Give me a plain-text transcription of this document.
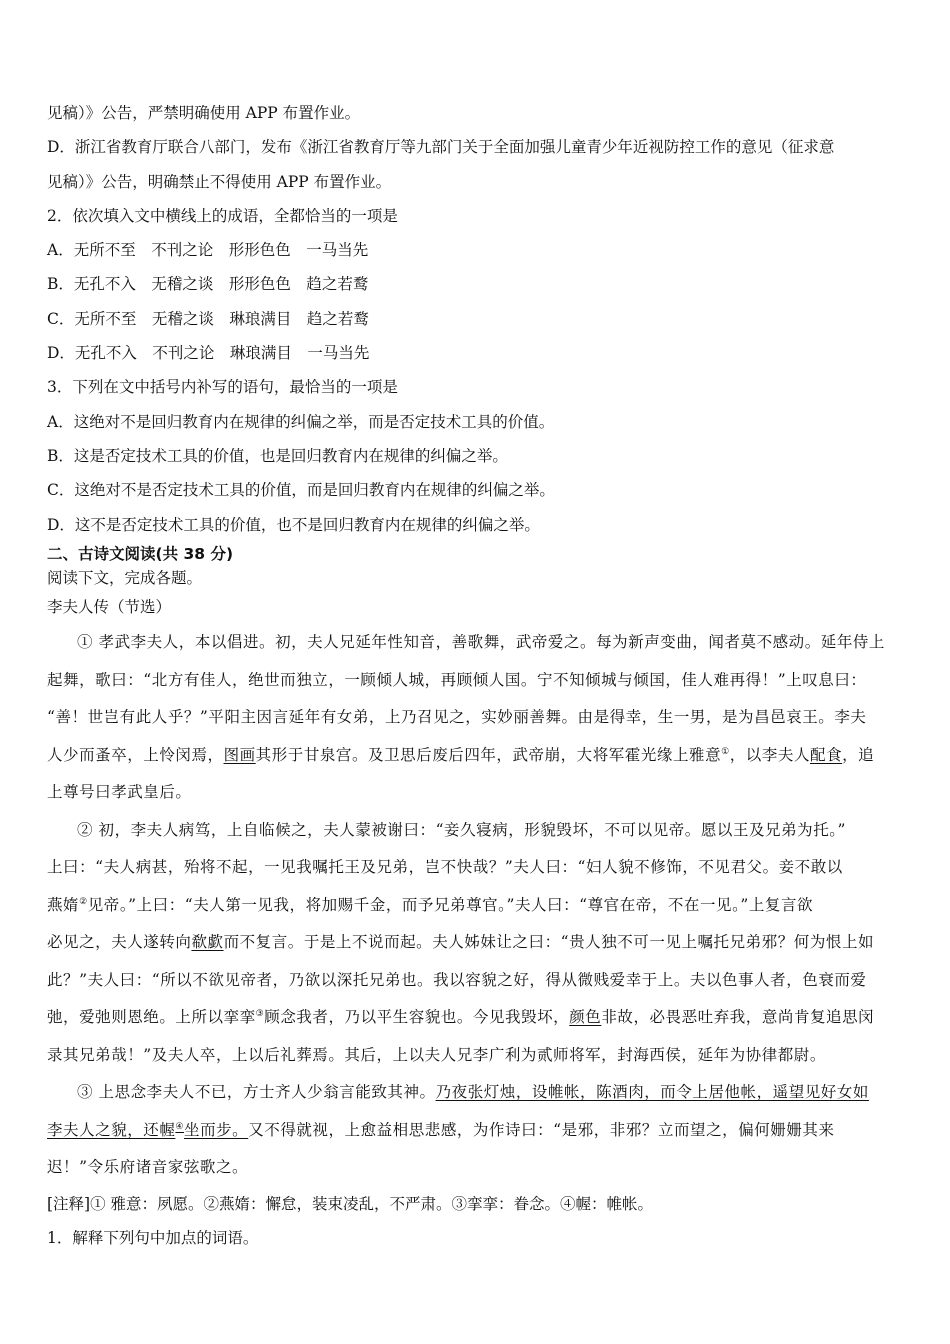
见稿）》公告，严禁明确使用 APP 布置作业。
D．浙江省教育厅联合八部门，发布《浙江省教育厅等九部门关于全面加强儿童青少年近视防控工作的意见（征求意
见稿）》公告，明确禁止不得使用 APP 布置作业。
2．依次填入文中横线上的成语，全都恰当的一项是
A．无所不至　不刊之论　形形色色　一马当先
B．无孔不入　无稽之谈　形形色色　趋之若鹜
C．无所不至　无稽之谈　琳琅满目　趋之若鹜
D．无孔不入　不刊之论　琳琅满目　一马当先
3．下列在文中括号内补写的语句，最恰当的一项是
A．这绝对不是回归教育内在规律的纠偏之举，而是否定技术工具的价值。
B．这是否定技术工具的价值，也是回归教育内在规律的纠偏之举。
C．这绝对不是否定技术工具的价值，而是回归教育内在规律的纠偏之举。
D．这不是否定技术工具的价值，也不是回归教育内在规律的纠偏之举。
二、古诗文阅读(共 38 分)
阅读下文，完成各题。
李夫人传（节选）
① 孝武李夫人，本以倡进。初，夫人兄延年性知音，善歌舞，武帝爱之。每为新声变曲，闻者莫不感动。延年侍上
起舞，歌曰：“北方有佳人，绝世而独立，一顾倾人城，再顾倾人国。宁不知倾城与倾国，佳人难再得！”上叹息曰：
“善！世岂有此人乎？”平阳主因言延年有女弟，上乃召见之，实妙丽善舞。由是得幸，生一男，是为昌邑哀王。李夫
人少而蚤卒，上怜闵焉，图画其形于甘泉宫。及卫思后废后四年，武帝崩，大将军霍光缘上雅意①，以李夫人配食，追
上尊号曰孝武皇后。
② 初，李夫人病笃，上自临候之，夫人蒙被谢曰：“妾久寝病，形貌毁坏，不可以见帝。愿以王及兄弟为托。”
上曰：“夫人病甚，殆将不起，一见我嘱托王及兄弟，岂不快哉？”夫人曰：“妇人貌不修饰，不见君父。妾不敢以
燕媠②见帝。”上曰：“夫人第一见我，将加赐千金，而予兄弟尊官。”夫人曰：“尊官在帝，不在一见。”上复言欲
必见之，夫人遂转向欷歔而不复言。于是上不说而起。夫人姊妹让之曰：“贵人独不可一见上嘱托兄弟邪？何为恨上如
此？”夫人曰：“所以不欲见帝者，乃欲以深托兄弟也。我以容貌之好，得从微贱爱幸于上。夫以色事人者，色衰而爱
弛，爱弛则恩绝。上所以挛挛③顾念我者，乃以平生容貌也。今见我毁坏，颜色非故，必畏恶吐弃我，意尚肯复追思闵
录其兄弟哉！”及夫人卒，上以后礼葬焉。其后，上以夫人兄李广利为贰师将军，封海西侯，延年为协律都尉。
③ 上思念李夫人不已，方士齐人少翁言能致其神。乃夜张灯烛，设帷帐，陈酒肉，而令上居他帐，遥望见好女如
李夫人之貌，还幄④坐而步。又不得就视，上愈益相思悲感，为作诗曰：“是邪，非邪？立而望之，偏何姗姗其来
迟！”令乐府诸音家弦歌之。
[注释]① 雅意：夙愿。②燕媠：懈怠，装束凌乱，不严肃。③挛挛：眷念。④幄：帷帐。
1．解释下列句中加点的词语。
